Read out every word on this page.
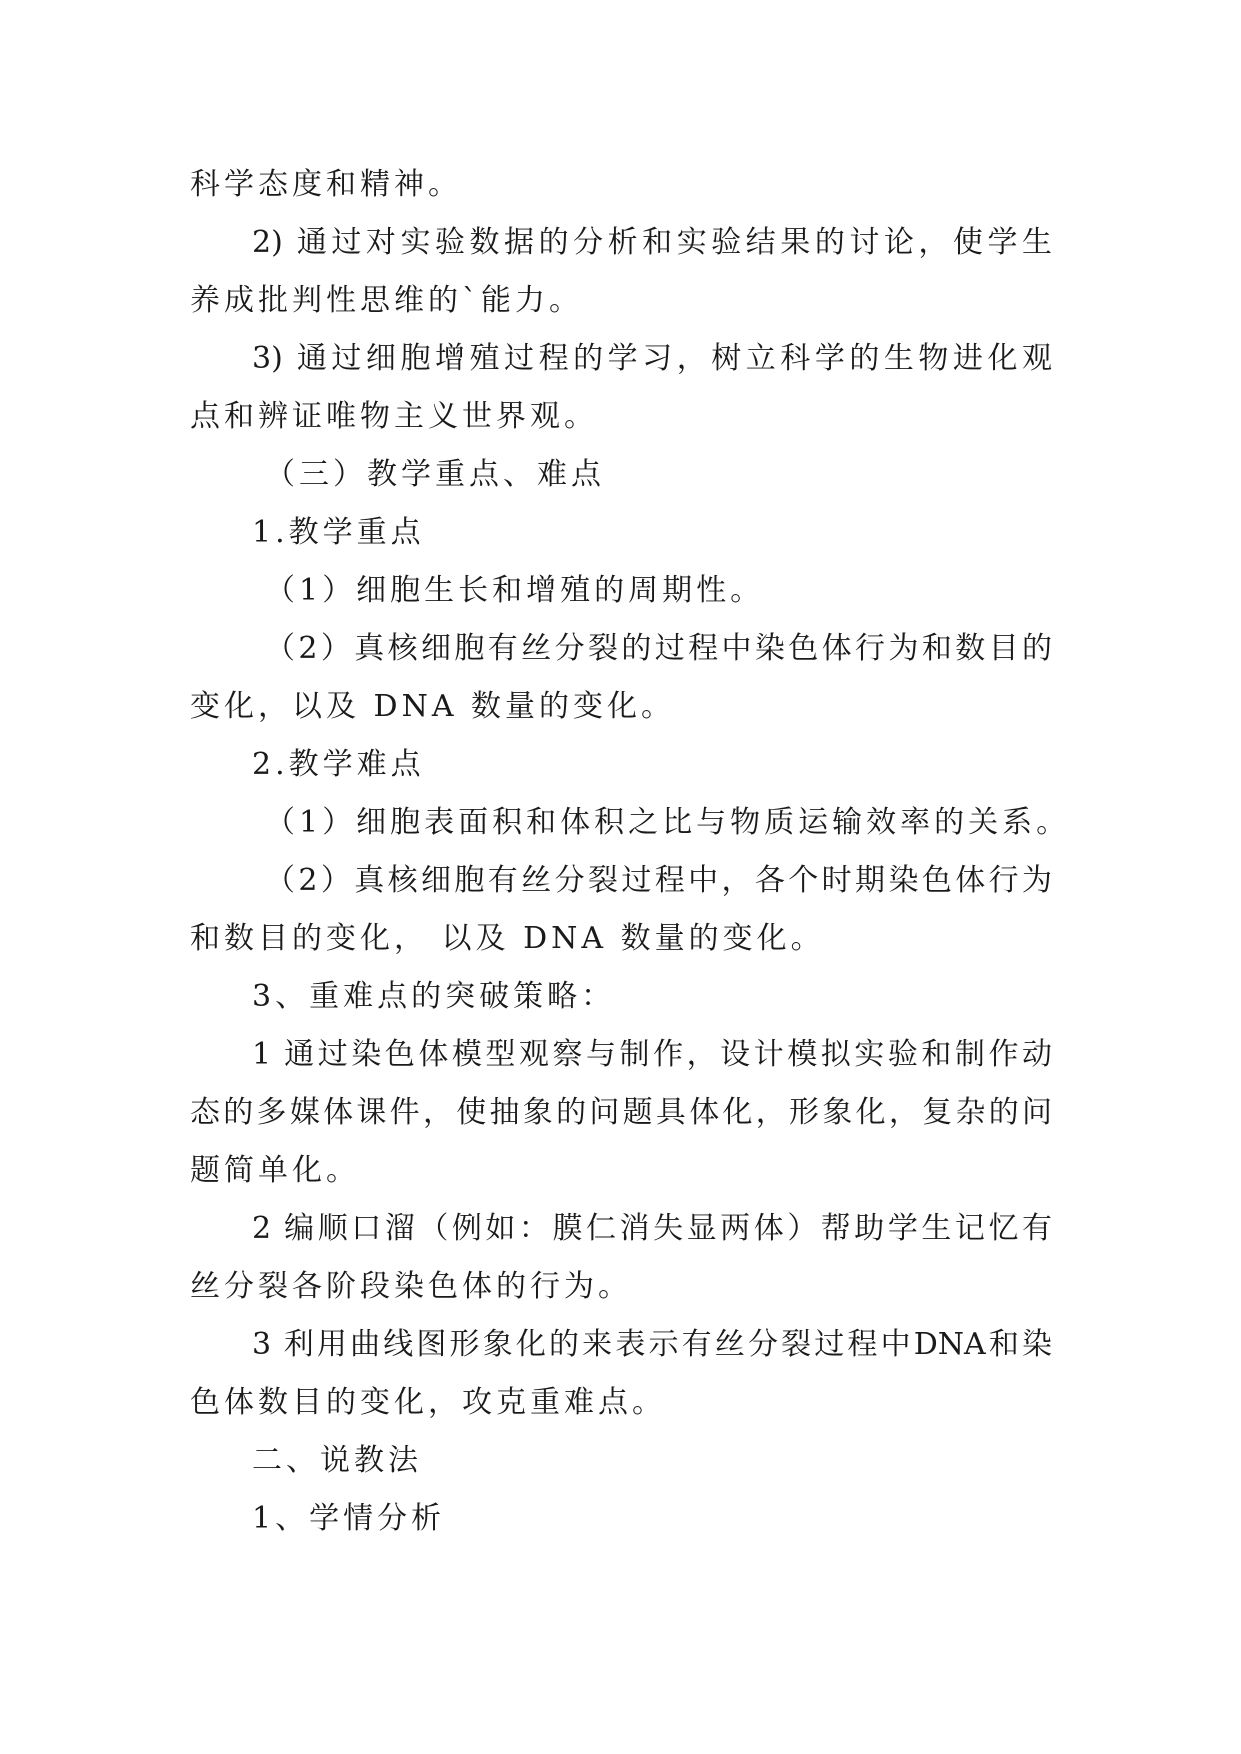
科学态度和精神。
2) 通过对实验数据的分析和实验结果的讨论，使学生
养成批判性思维的`能力。
3) 通过细胞增殖过程的学习，树立科学的生物进化观
点和辨证唯物主义世界观。
（三）教学重点、难点
1.教学重点
（1）细胞生长和增殖的周期性。
（2）真核细胞有丝分裂的过程中染色体行为和数目的
变化，以及 DNA 数量的变化。
2.教学难点
（1）细胞表面积和体积之比与物质运输效率的关系。
（2）真核细胞有丝分裂过程中，各个时期染色体行为
和数目的变化， 以及 DNA 数量的变化。
3、重难点的突破策略：
1 通过染色体模型观察与制作，设计模拟实验和制作动
态的多媒体课件，使抽象的问题具体化，形象化，复杂的问
题简单化。
2 编顺口溜（例如：膜仁消失显两体）帮助学生记忆有
丝分裂各阶段染色体的行为。
3 利用曲线图形象化的来表示有丝分裂过程中DNA和染
色体数目的变化，攻克重难点。
二、说教法
1、学情分析
